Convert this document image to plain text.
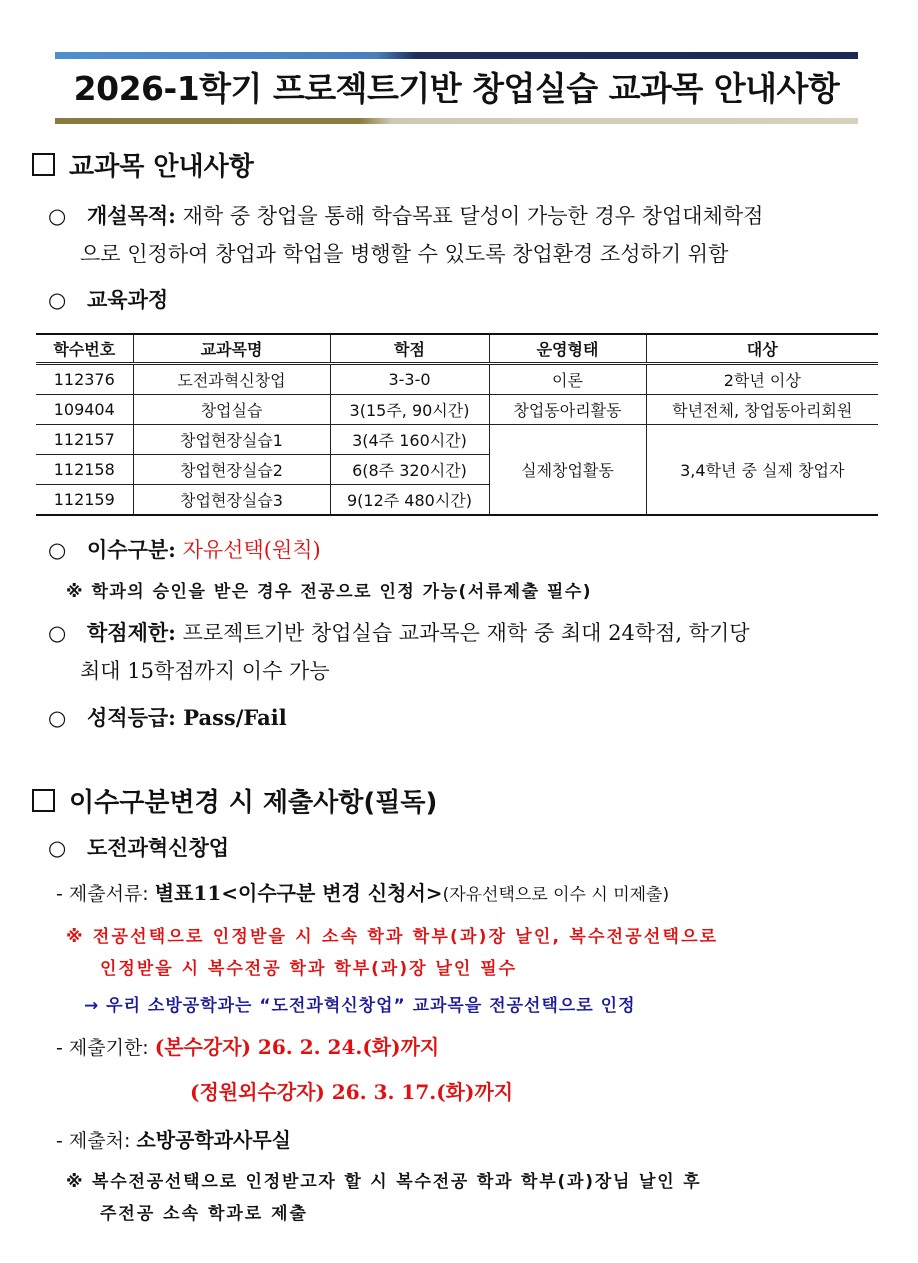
2026-1학기 프로젝트기반 창업실습 교과목 안내사항
교과목 안내사항
○ 개설목적: 재학 중 창업을 통해 학습목표 달성이 가능한 경우 창업대체학점
으로 인정하여 창업과 학업을 병행할 수 있도록 창업환경 조성하기 위함
○ 교육과정
학수번호	교과목명	학점	운영형태	대상
112376	도전과혁신창업	3-3-0	이론	2학년 이상
109404	창업실습	3(15주, 90시간)	창업동아리활동	학년전체, 창업동아리회원
112157	창업현장실습1	3(4주 160시간)	실제창업활동	3,4학년 중 실제 창업자
112158	창업현장실습2	6(8주 320시간)		
112159	창업현장실습3	9(12주 480시간)		
○ 이수구분: 자유선택(원칙)
※ 학과의 승인을 받은 경우 전공으로 인정 가능(서류제출 필수)
○ 학점제한: 프로젝트기반 창업실습 교과목은 재학 중 최대 24학점, 학기당
최대 15학점까지 이수 가능
○ 성적등급: Pass/Fail
이수구분변경 시 제출사항(필독)
○ 도전과혁신창업
- 제출서류: 별표11<이수구분 변경 신청서>(자유선택으로 이수 시 미제출)
※ 전공선택으로 인정받을 시 소속 학과 학부(과)장 날인, 복수전공선택으로
인정받을 시 복수전공 학과 학부(과)장 날인 필수
→ 우리 소방공학과는 “도전과혁신창업” 교과목을 전공선택으로 인정
- 제출기한: (본수강자) 26. 2. 24.(화)까지
(정원외수강자) 26. 3. 17.(화)까지
- 제출처: 소방공학과사무실
※ 복수전공선택으로 인정받고자 할 시 복수전공 학과 학부(과)장님 날인 후
주전공 소속 학과로 제출
